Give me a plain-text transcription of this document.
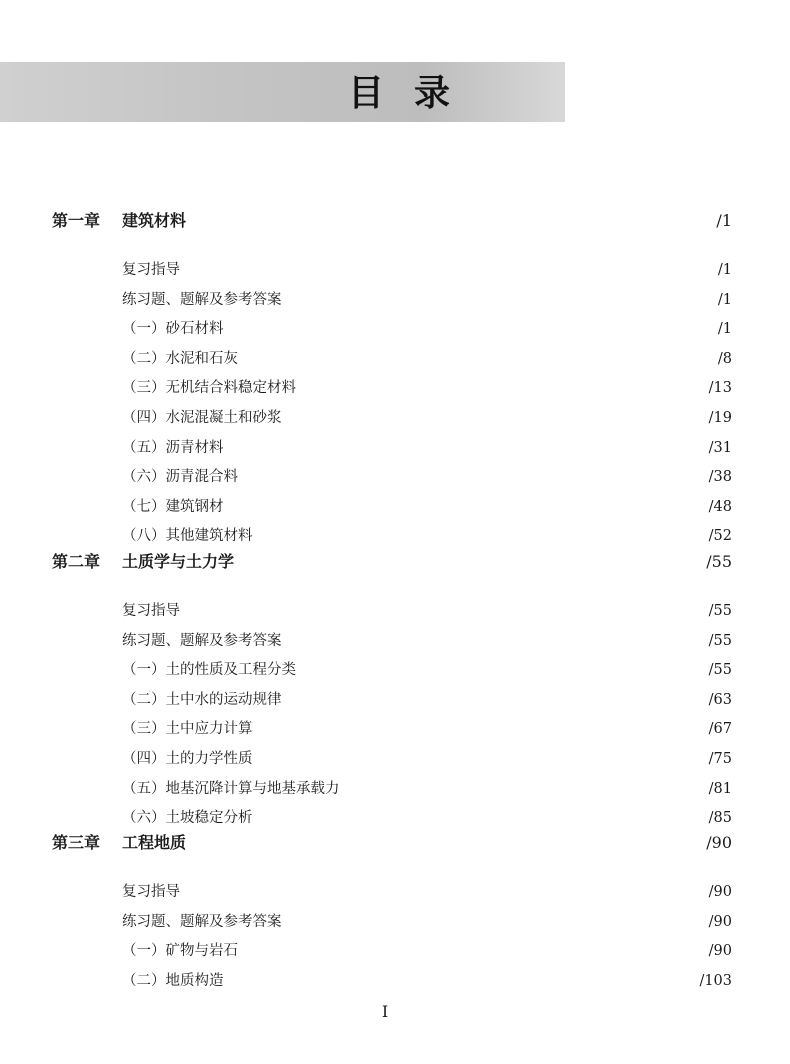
目录
第一章 建筑材料	/1
复习指导	/1
练习题、题解及参考答案	/1
（一）砂石材料	/1
（二）水泥和石灰	/8
（三）无机结合料稳定材料	/13
（四）水泥混凝土和砂浆	/19
（五）沥青材料	/31
（六）沥青混合料	/38
（七）建筑钢材	/48
（八）其他建筑材料	/52
第二章 土质学与土力学	/55
复习指导	/55
练习题、题解及参考答案	/55
（一）土的性质及工程分类	/55
（二）土中水的运动规律	/63
（三）土中应力计算	/67
（四）土的力学性质	/75
（五）地基沉降计算与地基承载力	/81
（六）土坡稳定分析	/85
第三章 工程地质	/90
复习指导	/90
练习题、题解及参考答案	/90
（一）矿物与岩石	/90
（二）地质构造	/103
I
